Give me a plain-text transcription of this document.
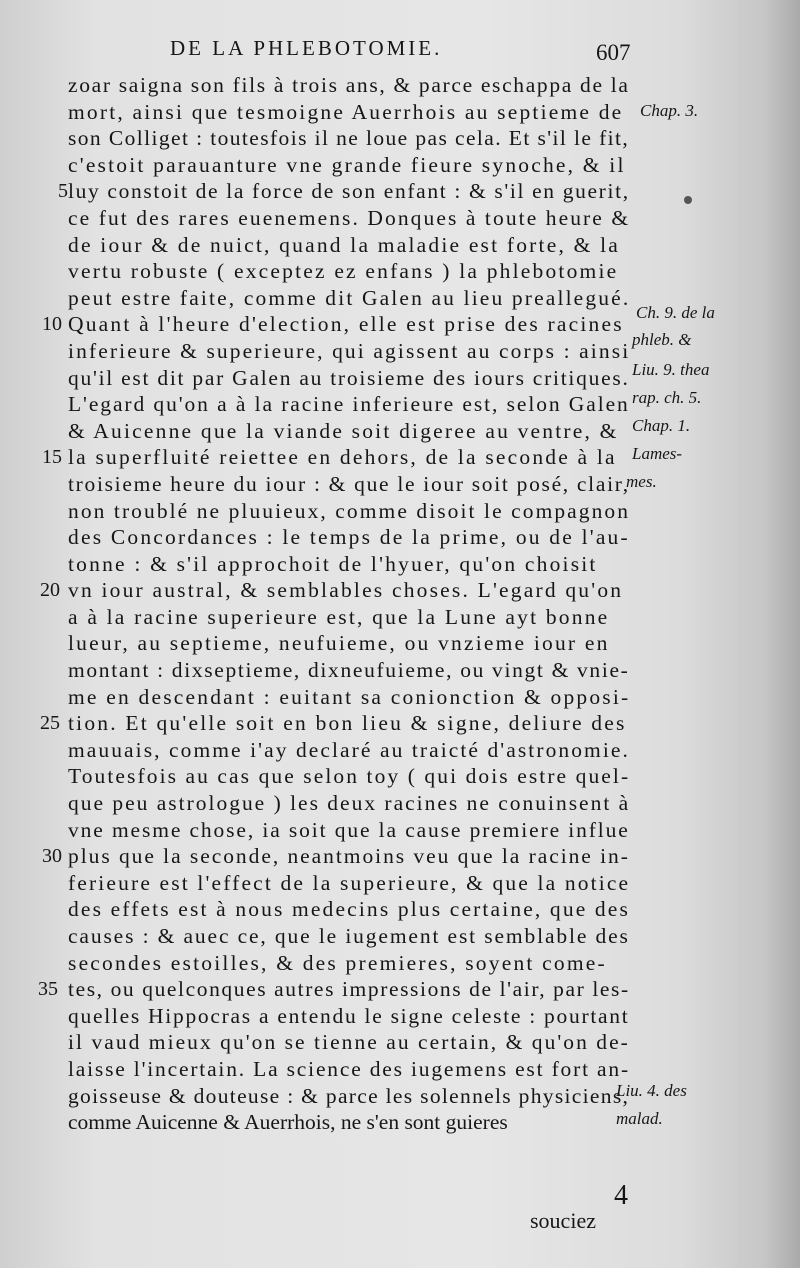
DE LA PHLEBOTOMIE.	607
zoar saigna son fils à trois ans, & parce eschappa de la
mort, ainsi que tesmoigne Auerrhois au septieme de
son Colliget : toutesfois il ne loue pas cela. Et s'il le fit,
c'estoit parauanture vne grande fieure synoche, & il
luy constoit de la force de son enfant : & s'il en guerit,
ce fut des rares euenemens. Donques à toute heure &
de iour & de nuict, quand la maladie est forte, & la
vertu robuste ( exceptez ez enfans ) la phlebotomie
peut estre faite, comme dit Galen au lieu preallegué.
Quant à l'heure d'election, elle est prise des racines
inferieure & superieure, qui agissent au corps : ainsi
qu'il est dit par Galen au troisieme des iours critiques.
L'egard qu'on a à la racine inferieure est, selon Galen
& Auicenne que la viande soit digeree au ventre, &
la superfluité reiettee en dehors, de la seconde à la
troisieme heure du iour : & que le iour soit posé, clair,
non troublé ne pluuieux, comme disoit le compagnon
des Concordances : le temps de la prime, ou de l'au-
tonne : & s'il approchoit de l'hyuer, qu'on choisit
vn iour austral, & semblables choses. L'egard qu'on
a à la racine superieure est, que la Lune ayt bonne
lueur, au septieme, neufuieme, ou vnzieme iour en
montant : dixseptieme, dixneufuieme, ou vingt & vnie-
me en descendant : euitant sa conionction & opposi-
tion. Et qu'elle soit en bon lieu & signe, deliure des
mauuais, comme i'ay declaré au traicté d'astronomie.
Toutesfois au cas que selon toy ( qui dois estre quel-
que peu astrologue ) les deux racines ne conuinsent à
vne mesme chose, ia soit que la cause premiere influe
plus que la seconde, neantmoins veu que la racine in-
ferieure est l'effect de la superieure, & que la notice
des effets est à nous medecins plus certaine, que des
causes : & auec ce, que le iugement est semblable des
secondes estoilles, & des premieres, soyent come-
tes, ou quelconques autres impressions de l'air, par les-
quelles Hippocras a entendu le signe celeste : pourtant
il vaud mieux qu'on se tienne au certain, & qu'on de-
laisse l'incertain. La science des iugemens est fort an-
goisseuse & douteuse : & parce les solennels physiciens,
comme Auicenne & Auerrhois, ne s'en sont guieres
5
10
15
20
25
30
35
Chap. 3.
Ch. 9. de la
phleb. &
Liu. 9. thea
rap. ch. 5.
Chap. 1.
Lames-
mes.
Liu. 4. des
malad.
4
souciez
